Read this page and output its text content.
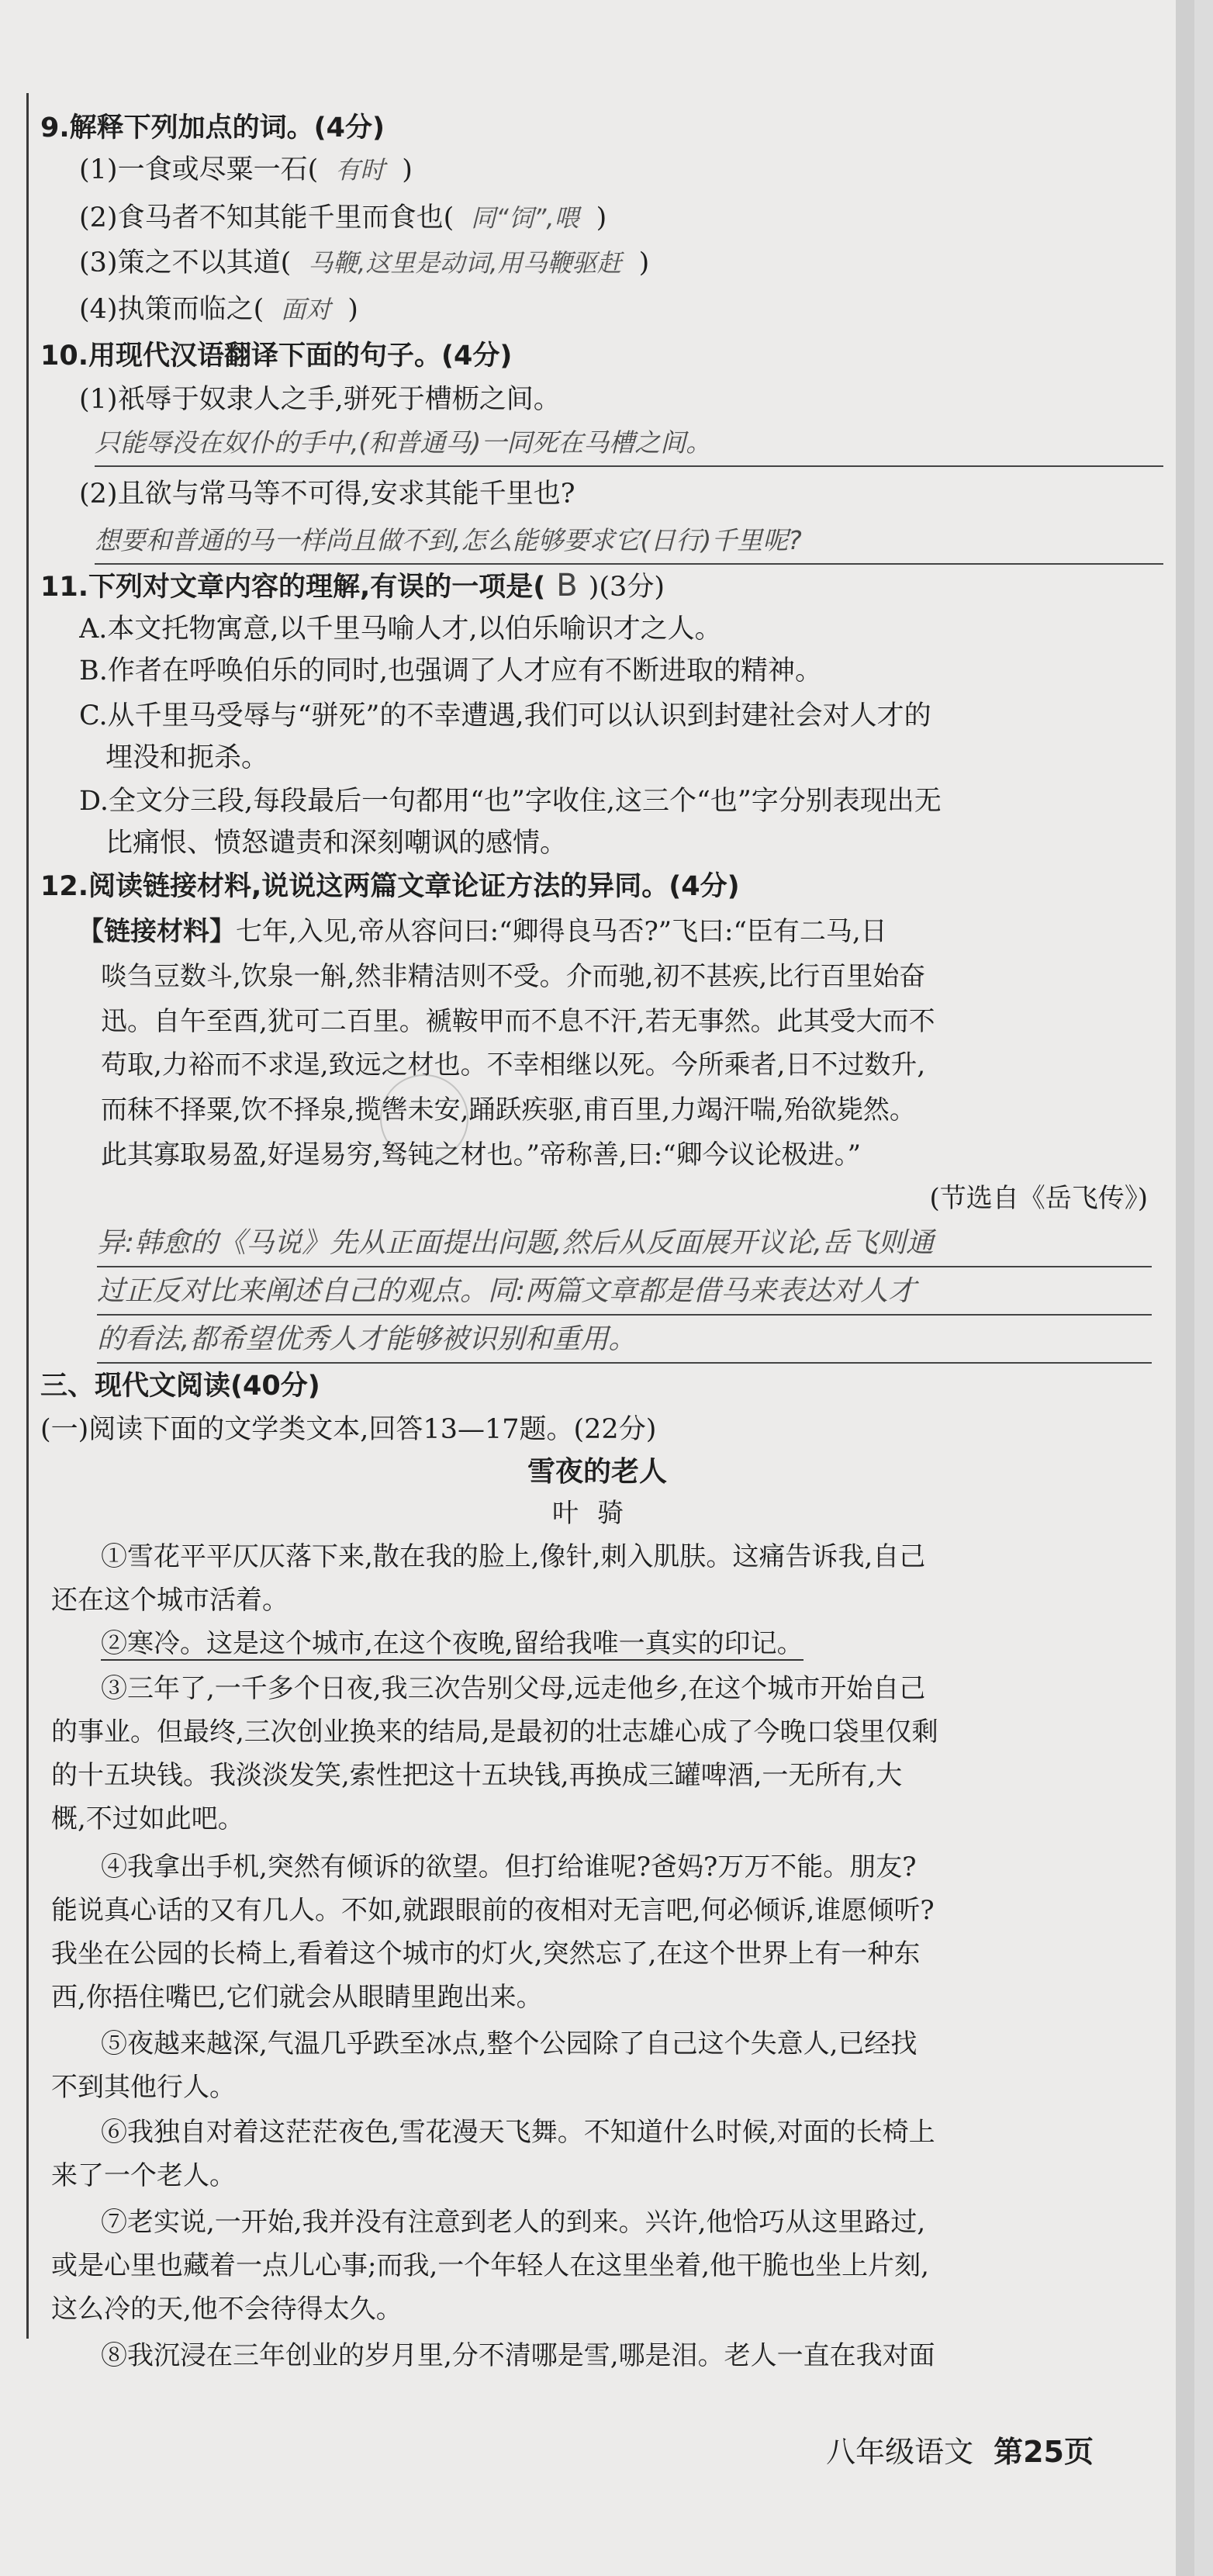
9.解释下列加点的词。(4分)
(1)一食或尽粟一石( 有时 )
(2)食马者不知其能千里而食也( 同“饲”,喂 )
(3)策之不以其道( 马鞭,这里是动词,用马鞭驱赶 )
(4)执策而临之( 面对 )
10.用现代汉语翻译下面的句子。(4分)
(1)祇辱于奴隶人之手,骈死于槽枥之间。
只能辱没在奴仆的手中,(和普通马)一同死在马槽之间。
(2)且欲与常马等不可得,安求其能千里也?
想要和普通的马一样尚且做不到,怎么能够要求它(日行)千里呢?
11.下列对文章内容的理解,有误的一项是( B )(3分)
A.本文托物寓意,以千里马喻人才,以伯乐喻识才之人。
B.作者在呼唤伯乐的同时,也强调了人才应有不断进取的精神。
C.从千里马受辱与“骈死”的不幸遭遇,我们可以认识到封建社会对人才的
埋没和扼杀。
D.全文分三段,每段最后一句都用“也”字收住,这三个“也”字分别表现出无
比痛恨、愤怒谴责和深刻嘲讽的感情。
12.阅读链接材料,说说这两篇文章论证方法的异同。(4分)
【链接材料】七年,入见,帝从容问曰:“卿得良马否?”飞曰:“臣有二马,日
啖刍豆数斗,饮泉一斛,然非精洁则不受。介而驰,初不甚疾,比行百里始奋
迅。自午至酉,犹可二百里。褫鞍甲而不息不汗,若无事然。此其受大而不
苟取,力裕而不求逞,致远之材也。不幸相继以死。今所乘者,日不过数升,
而秣不择粟,饮不择泉,揽辔未安,踊跃疾驱,甫百里,力竭汗喘,殆欲毙然。
此其寡取易盈,好逞易穷,驽钝之材也。”帝称善,曰:“卿今议论极进。”
(节选自《岳飞传》)
异:韩愈的《马说》先从正面提出问题,然后从反面展开议论,岳飞则通
过正反对比来阐述自己的观点。同:两篇文章都是借马来表达对人才
的看法,都希望优秀人才能够被识别和重用。
三、现代文阅读(40分)
(一)阅读下面的文学类文本,回答13—17题。(22分)
雪夜的老人
叶骑
①雪花平平仄仄落下来,散在我的脸上,像针,刺入肌肤。这痛告诉我,自己
还在这个城市活着。
②寒冷。这是这个城市,在这个夜晚,留给我唯一真实的印记。
③三年了,一千多个日夜,我三次告别父母,远走他乡,在这个城市开始自己
的事业。但最终,三次创业换来的结局,是最初的壮志雄心成了今晚口袋里仅剩
的十五块钱。我淡淡发笑,索性把这十五块钱,再换成三罐啤酒,一无所有,大
概,不过如此吧。
④我拿出手机,突然有倾诉的欲望。但打给谁呢?爸妈?万万不能。朋友?
能说真心话的又有几人。不如,就跟眼前的夜相对无言吧,何必倾诉,谁愿倾听?
我坐在公园的长椅上,看着这个城市的灯火,突然忘了,在这个世界上有一种东
西,你捂住嘴巴,它们就会从眼睛里跑出来。
⑤夜越来越深,气温几乎跌至冰点,整个公园除了自己这个失意人,已经找
不到其他行人。
⑥我独自对着这茫茫夜色,雪花漫天飞舞。不知道什么时候,对面的长椅上
来了一个老人。
⑦老实说,一开始,我并没有注意到老人的到来。兴许,他恰巧从这里路过,
或是心里也藏着一点儿心事;而我,一个年轻人在这里坐着,他干脆也坐上片刻,
这么冷的天,他不会待得太久。
⑧我沉浸在三年创业的岁月里,分不清哪是雪,哪是泪。老人一直在我对面
八年级语文 第25页
